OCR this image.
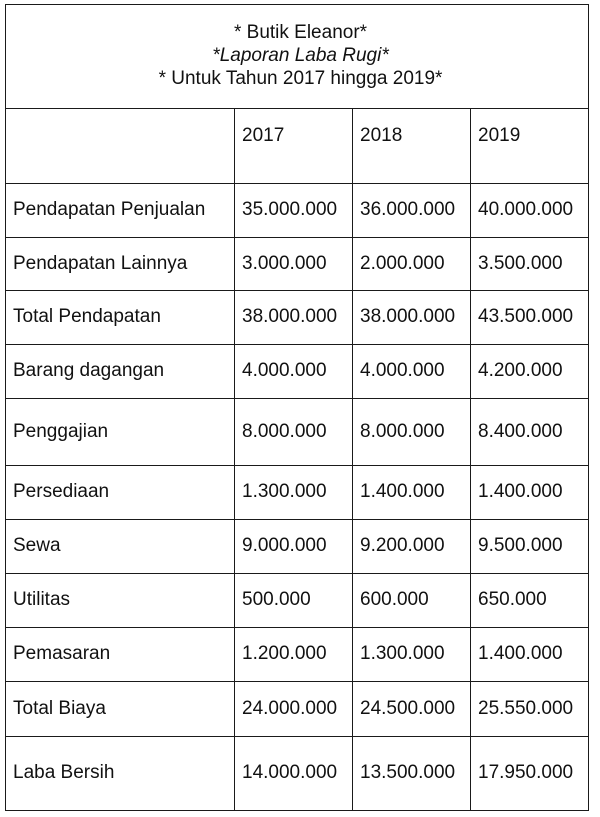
* Butik Eleanor*
*Laporan Laba Rugi*
* Untuk Tahun 2017 hingga 2019*			

	2017	2018	2019
Pendapatan Penjualan	35.000.000	36.000.000	40.000.000
Pendapatan Lainnya	3.000.000	2.000.000	3.500.000
Total Pendapatan	38.000.000	38.000.000	43.500.000
Barang dagangan	4.000.000	4.000.000	4.200.000
Penggajian	8.000.000	8.000.000	8.400.000
Persediaan	1.300.000	1.400.000	1.400.000
Sewa	9.000.000	9.200.000	9.500.000
Utilitas	500.000	600.000	650.000
Pemasaran	1.200.000	1.300.000	1.400.000
Total Biaya	24.000.000	24.500.000	25.550.000
Laba Bersih	14.000.000	13.500.000	17.950.000
